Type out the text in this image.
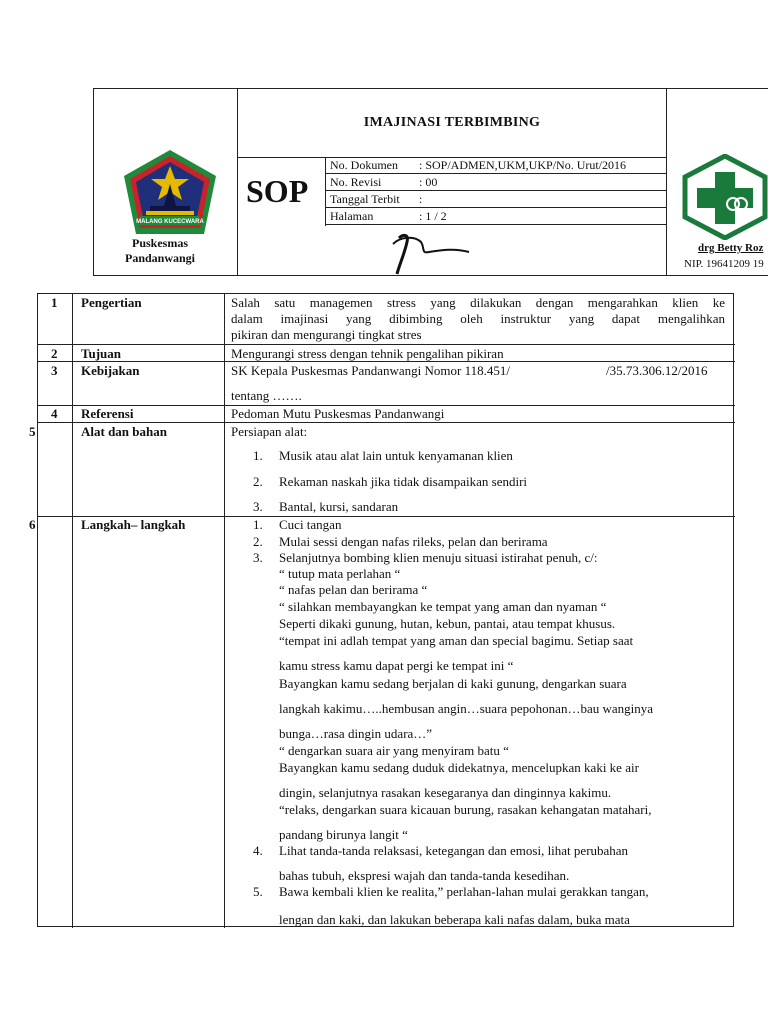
MALANG KUCECWARA
Puskesmas
Pandanwangi
IMAJINASI TERBIMBING
SOP
No. Dokumen : SOP/ADMEN,UKM,UKP/No. Urut/2016
No. Revisi	: 00
Tanggal Terbit :
Halaman	: 1 / 2
drg Betty Roz
NIP. 19641209 19
1 Pengertian	Salah satu managemen stress yang dilakukan dengan mengarahkan klien ke
dalam imajinasi yang dibimbing oleh instruktur yang dapat mengalihkan
pikiran dan mengurangi tingkat stres
2 Tujuan	Mengurangi stress dengan tehnik pengalihan pikiran
3 Kebijakan	SK Kepala Puskesmas Pandanwangi Nomor 118.451/	/35.73.306.12/2016
tentang …….
4 Referensi	Pedoman Mutu Puskesmas Pandanwangi
5	Alat dan bahan	Persiapan alat:
1. Musik atau alat lain untuk kenyamanan klien
2. Rekaman naskah jika tidak disampaikan sendiri
3. Bantal, kursi, sandaran
6	Langkah– langkah	1. Cuci tangan
2. Mulai sessi dengan nafas rileks, pelan dan berirama
3. Selanjutnya bombing klien menuju situasi istirahat penuh, c/:
“ tutup mata perlahan “
“ nafas pelan dan berirama “
“ silahkan membayangkan ke tempat yang aman dan nyaman “
Seperti dikaki gunung, hutan, kebun, pantai, atau tempat khusus.
“tempat ini adlah tempat yang aman dan special bagimu. Setiap saat
kamu stress kamu dapat pergi ke tempat ini “
Bayangkan kamu sedang berjalan di kaki gunung, dengarkan suara
langkah kakimu…..hembusan angin…suara pepohonan…bau wanginya
bunga…rasa dingin udara…”
“ dengarkan suara air yang menyiram batu “
Bayangkan kamu sedang duduk didekatnya, mencelupkan kaki ke air
dingin, selanjutnya rasakan kesegaranya dan dinginnya kakimu.
“relaks, dengarkan suara kicauan burung, rasakan kehangatan matahari,
pandang birunya langit “
4. Lihat tanda-tanda relaksasi, ketegangan dan emosi, lihat perubahan
bahas tubuh, ekspresi wajah dan tanda-tanda kesedihan.
5. Bawa kembali klien ke realita,” perlahan-lahan mulai gerakkan tangan,
lengan dan kaki, dan lakukan beberapa kali nafas dalam, buka mata
